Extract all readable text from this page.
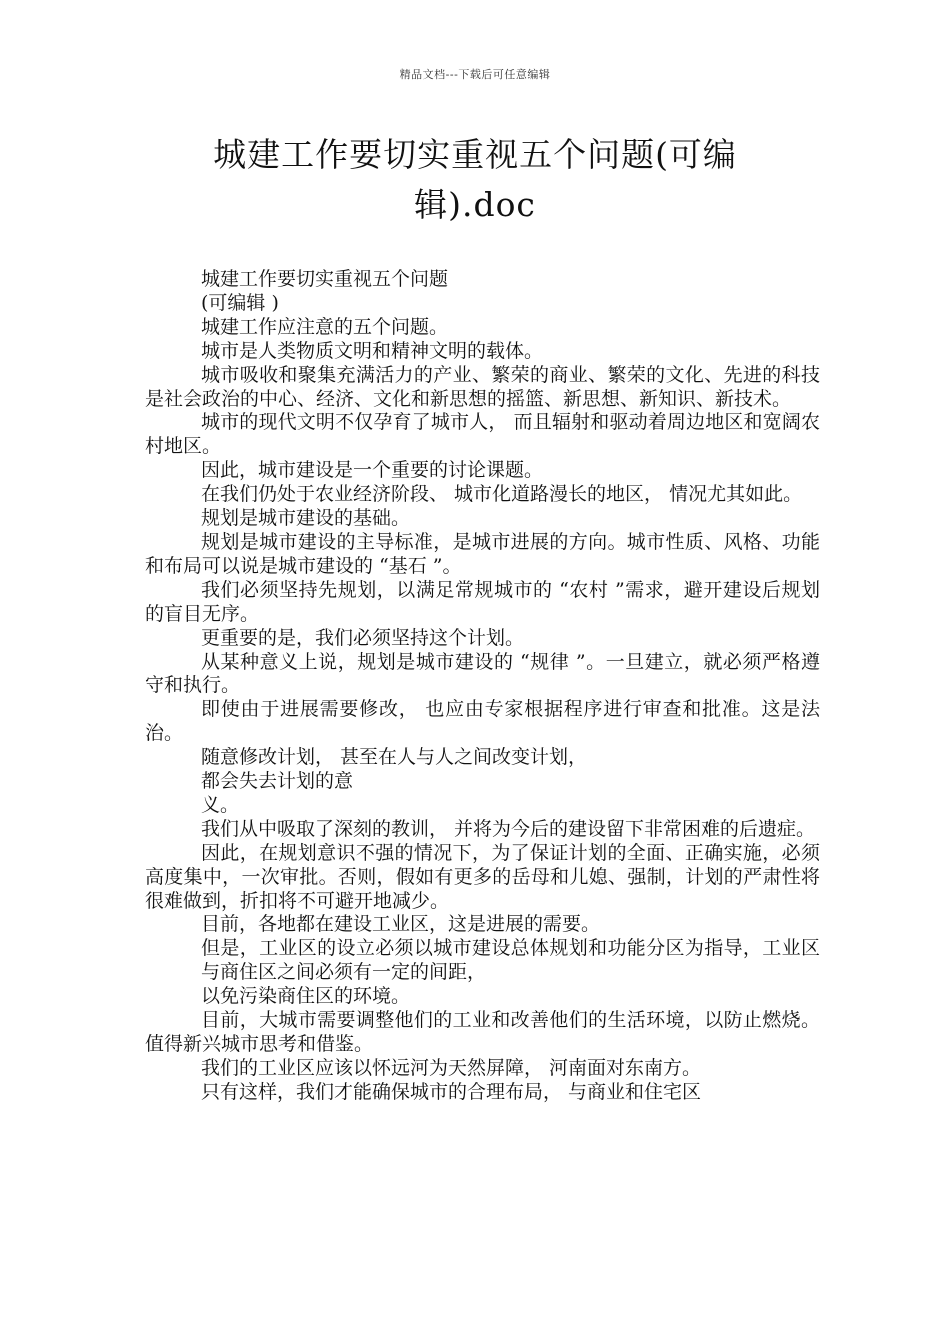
精品文档---下载后可任意编辑
城建工作要切实重视五个问题(可编
辑).doc

城建工作要切实重视五个问题

(可编辑 )

城建工作应注意的五个问题。

城市是人类物质文明和精神文明的载体。

城市吸收和聚集充满活力的产业、繁荣的商业、繁荣的文化、先进的科技是社会政治的中心、经济、文化和新思想的摇篮、新思想、新知识、新技术。

城市的现代文明不仅孕育了城市人， 而且辐射和驱动着周边地区和宽阔农村地区。

因此，城市建设是一个重要的讨论课题。

在我们仍处于农业经济阶段、 城市化道路漫长的地区， 情况尤其如此。

规划是城市建设的基础。

规划是城市建设的主导标准，是城市进展的方向。城市性质、风格、功能和布局可以说是城市建设的 “基石 ”。

我们必须坚持先规划，以满足常规城市的 “农村 ”需求，避开建设后规划的盲目无序。

更重要的是，我们必须坚持这个计划。

从某种意义上说，规划是城市建设的 “规律 ”。一旦建立，就必须严格遵守和执行。

即使由于进展需要修改， 也应由专家根据程序进行审查和批准。这是法治。

随意修改计划， 甚至在人与人之间改变计划，

都会失去计划的意

义。

我们从中吸取了深刻的教训， 并将为今后的建设留下非常困难的后遗症。

因此，在规划意识不强的情况下，为了保证计划的全面、正确实施，必须高度集中，一次审批。否则，假如有更多的岳母和儿媳、强制，计划的严肃性将很难做到，折扣将不可避开地减少。

目前，各地都在建设工业区，这是进展的需要。

但是，工业区的设立必须以城市建设总体规划和功能分区为指导，工业区与商住区之间必须有一定的间距，

以免污染商住区的环境。

目前，大城市需要调整他们的工业和改善他们的生活环境，以防止燃烧。值得新兴城市思考和借鉴。

我们的工业区应该以怀远河为天然屏障， 河南面对东南方。

只有这样，我们才能确保城市的合理布局， 与商业和住宅区
